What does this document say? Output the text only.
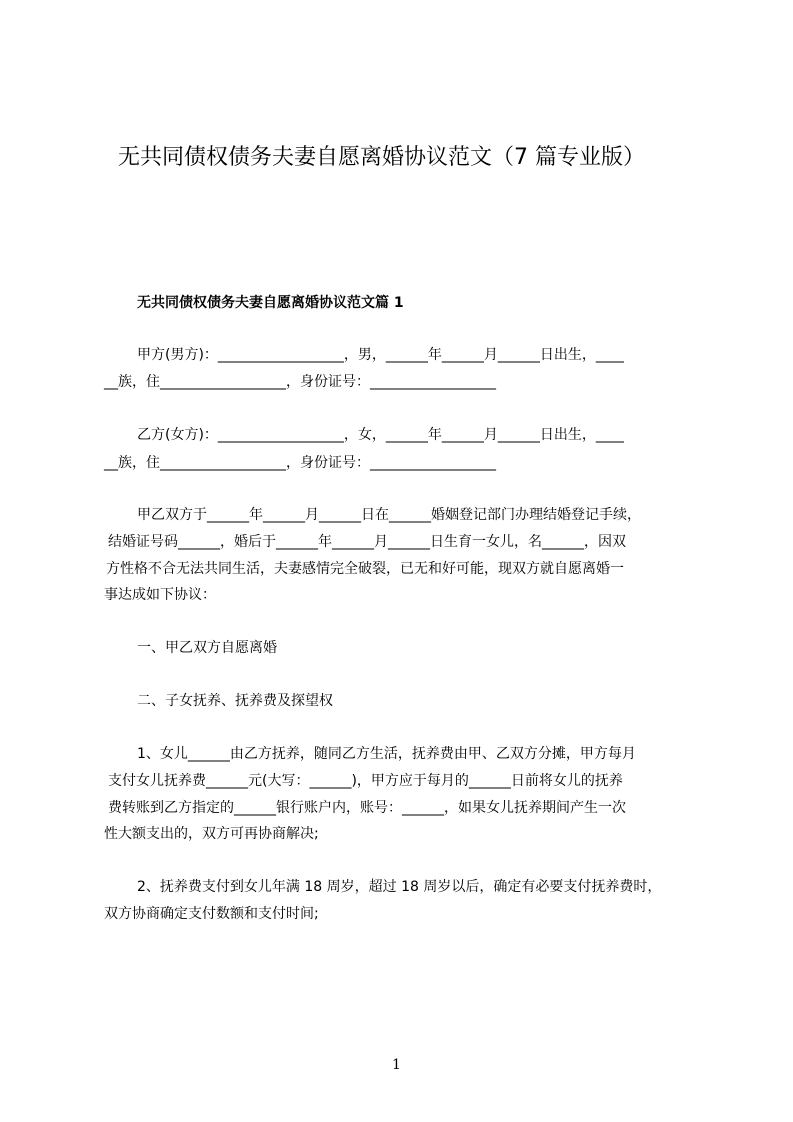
无共同债权债务夫妻自愿离婚协议范文（7 篇专业版）
无共同债权债务夫妻自愿离婚协议范文篇 1

甲方(男方)：__________________，男，______年______月______日出生，____

__族，住__________________，身份证号：__________________

乙方(女方)：__________________，女，______年______月______日出生，____

__族，住__________________，身份证号：__________________

甲乙双方于______年______月______日在______婚姻登记部门办理结婚登记手续，

结婚证号码______，婚后于______年______月______日生育一女儿，名______，因双

方性格不合无法共同生活，夫妻感情完全破裂，已无和好可能，现双方就自愿离婚一

事达成如下协议：

一、甲乙双方自愿离婚

二、子女抚养、抚养费及探望权

1、女儿______由乙方抚养，随同乙方生活，抚养费由甲、乙双方分摊，甲方每月

支付女儿抚养费______元(大写：______)，甲方应于每月的______日前将女儿的抚养

费转账到乙方指定的______银行账户内，账号：______，如果女儿抚养期间产生一次

性大额支出的，双方可再协商解决;

2、抚养费支付到女儿年满 18 周岁，超过 18 周岁以后，确定有必要支付抚养费时，

双方协商确定支付数额和支付时间;

1
